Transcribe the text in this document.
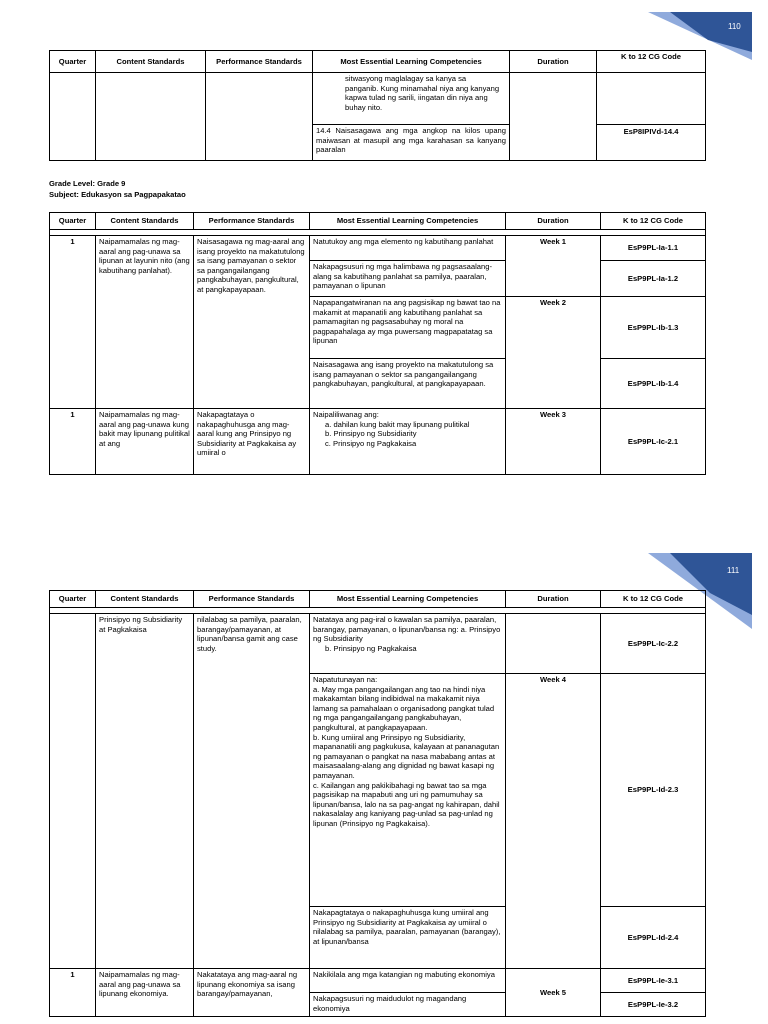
110
Quarter	Content Standards	Performance Standards	Most Essential Learning Competencies	Duration	K to 12 CG Code
			sitwasyong maglalagay sa kanya sa panganib. Kung minamahal niya ang kanyang kapwa tulad ng sarili, iingatan din niya ang buhay nito.		
			14.4 Naisasagawa ang mga angkop na kilos upang maiwasan at masupil ang mga karahasan sa kanyang paaralan		EsP8IPIVd-14.4
Grade Level: Grade 9
Subject: Edukasyon sa Pagpapakatao
Quarter	Content Standards	Performance Standards	Most Essential Learning Competencies	Duration	K to 12 CG Code

1	Naipamamalas ng mag-aaral ang pag-unawa sa lipunan at layunin nito (ang kabutihang panlahat).	Naisasagawa ng mag-aaral ang isang proyekto na makatutulong sa isang pamayanan o sektor sa pangangailangang pangkabuhayan, pangkultural, at pangkapayapaan.	Natutukoy ang mga elemento ng kabutihang panlahat	Week 1	EsP9PL-Ia-1.1
			Nakapagsusuri ng mga halimbawa ng pagsasaalang-alang sa kabutihang panlahat sa pamilya, paaralan, pamayanan o lipunan		EsP9PL-Ia-1.2
			Napapangatwiranan na ang pagsisikap ng bawat tao na makamit at mapanatili ang kabutihang panlahat sa pamamagitan ng pagsasabuhay ng moral na pagpapahalaga ay mga puwersang magpapatatag sa lipunan	Week 2	EsP9PL-Ib-1.3
			Naisasagawa ang isang proyekto na makatutulong sa isang pamayanan o sektor sa pangangailangang pangkabuhayan, pangkultural, at pangkapayapaan.		EsP9PL-Ib-1.4
1	Naipamamalas ng mag-aaral ang pag-unawa kung bakit may lipunang pulitikal at ang	Nakapagtataya o nakapaghuhusga ang mag-aaral kung ang Prinsipyo ng Subsidiarity at Pagkakaisa ay umiiral o	Naipaliliwanag ang:
a. dahilan kung bakit may lipunang pulitikal
b. Prinsipyo ng Subsidiarity
c. Prinsipyo ng Pagkakaisa	Week 3	EsP9PL-Ic-2.1
111
Quarter	Content Standards	Performance Standards	Most Essential Learning Competencies	Duration	K to 12 CG Code

	Prinsipyo ng Subsidiarity at Pagkakaisa	nilalabag sa pamilya, paaralan, barangay/pamayanan, at lipunan/bansa gamit ang case study.	Natataya ang pag-iral o kawalan sa pamilya, paaralan, barangay, pamayanan, o lipunan/bansa ng: a. Prinsipyo ng Subsidiarity
b. Prinsipyo ng Pagkakaisa		EsP9PL-Ic-2.2

			Napatutunayan na:
a. May mga pangangailangan ang tao na hindi niya makakamtan bilang indibidwal na makakamit niya lamang sa pamahalaan o organisadong pangkat tulad ng mga pangangailangang pangkabuhayan, pangkultural, at pangkapayapaan.
b. Kung umiiral ang Prinsipyo ng Subsidiarity, mapananatili ang pagkukusa, kalayaan at pananagutan ng pamayanan o pangkat na nasa mababang antas at maisasaalang-alang ang dignidad ng bawat kasapi ng pamayanan.
c. Kailangan ang pakikibahagi ng bawat tao sa mga pagsisikap na mapabuti ang uri ng pamumuhay sa lipunan/bansa, lalo na sa pag-angat ng kahirapan, dahil nakasalalay ang kaniyang pag-unlad sa pag-unlad ng lipunan (Prinsipyo ng Pagkakaisa).	Week 4	EsP9PL-Id-2.3
			Nakapagtataya o nakapaghuhusga kung umiiral ang Prinsipyo ng Subsidiarity at Pagkakaisa ay umiiral o nilalabag sa pamilya, paaralan, pamayanan (barangay), at lipunan/bansa		EsP9PL-Id-2.4
1	Naipamamalas ng mag-aaral ang pag-unawa sa lipunang ekonomiya.	Nakatataya ang mag-aaral ng lipunang ekonomiya sa isang barangay/pamayanan,	Nakikilala ang mga katangian ng mabuting ekonomiya	Week 5	EsP9PL-Ie-3.1
			Nakapagsusuri ng maidudulot ng magandang ekonomiya		EsP9PL-Ie-3.2
